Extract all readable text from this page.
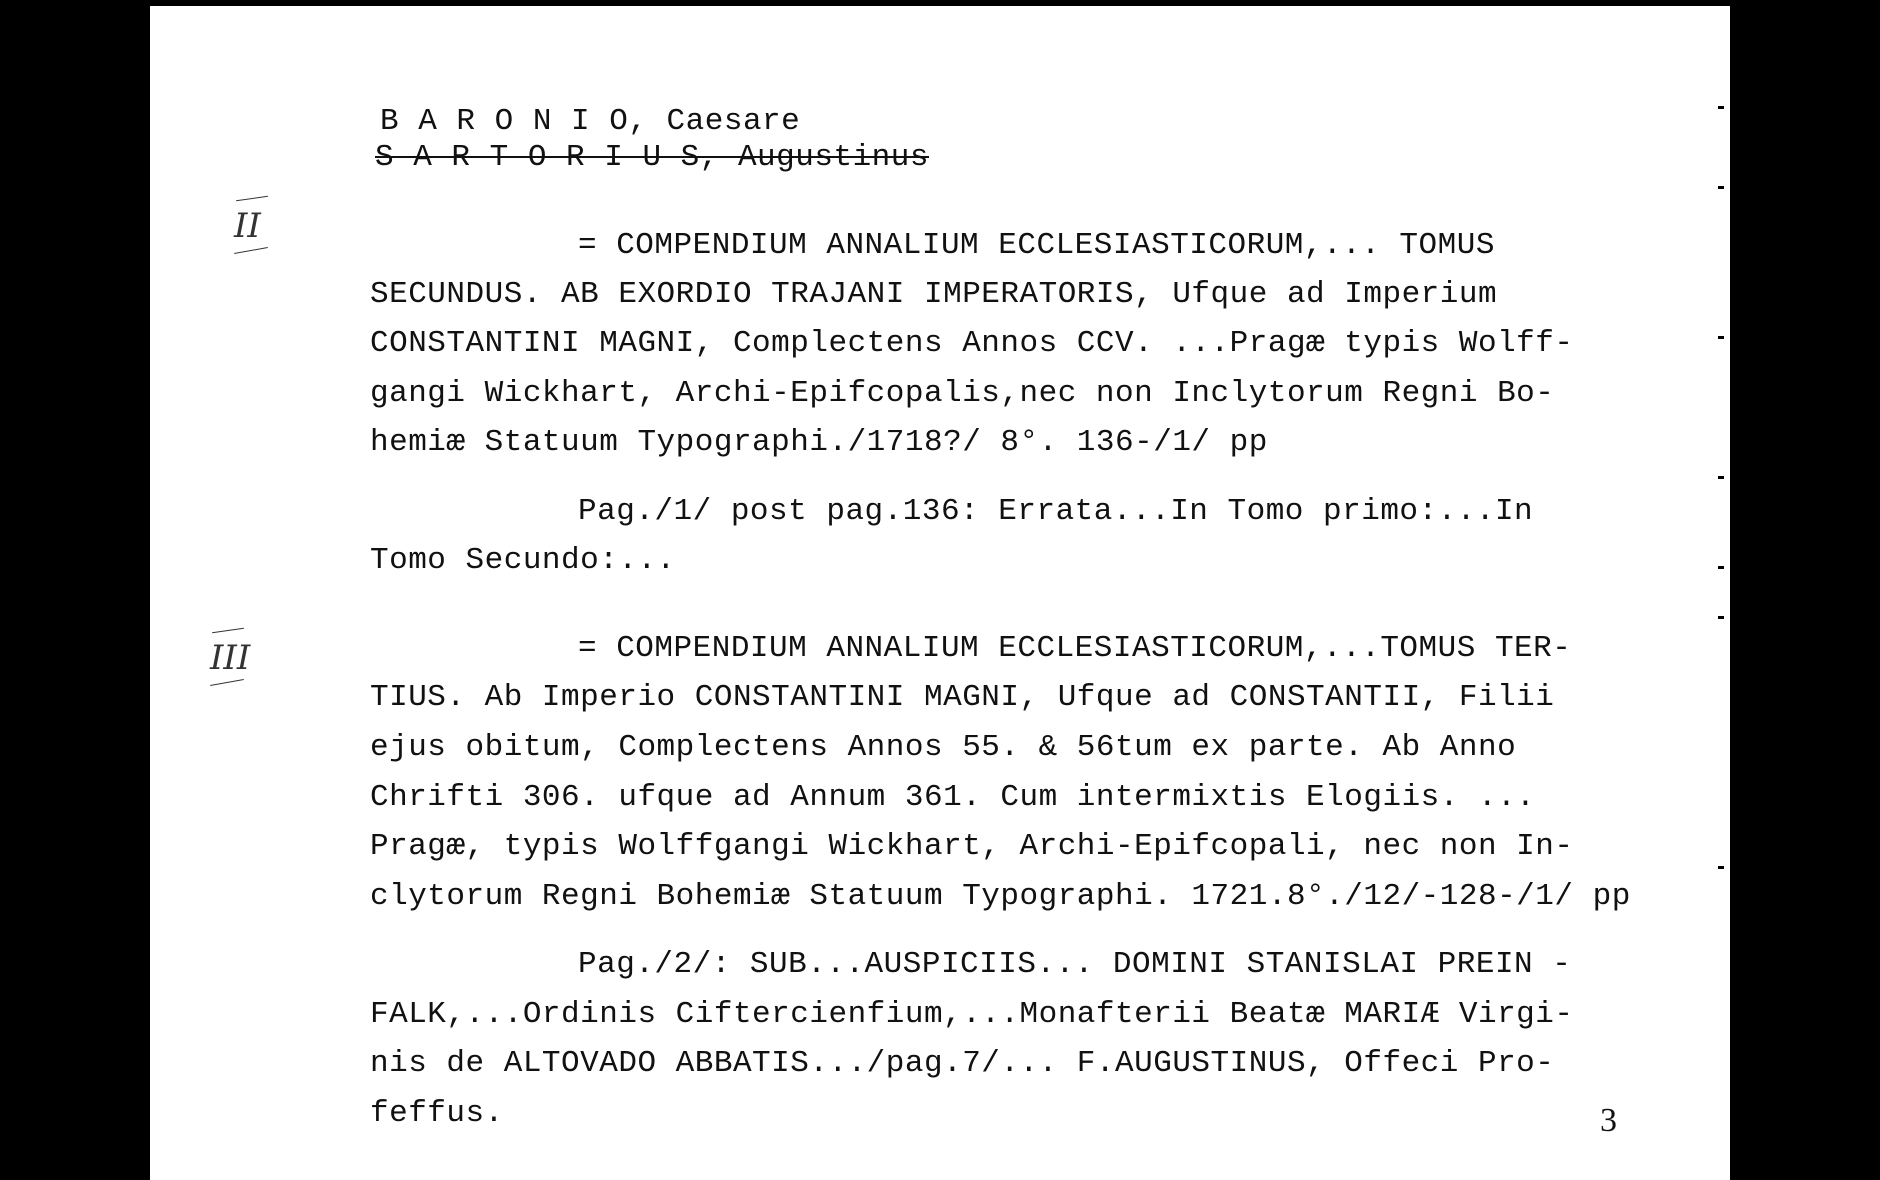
B A R O N I O, Caesare
S A R T O R I U S, Augustinus
II	= COMPENDIUM ANNALIUM ECCLESIASTICORUM,... TOMUS
SECUNDUS. AB EXORDIO TRAJANI IMPERATORIS, Ufque ad Imperium
CONSTANTINI MAGNI, Complectens Annos CCV. ...Pragæ typis Wolff-
gangi Wickhart, Archi-Epifcopalis,nec non Inclytorum Regni Bo-
hemiæ Statuum Typographi./1718?/ 8°. 136-/1/ pp
Pag./1/ post pag.136: Errata...In Tomo primo:...In
Tomo Secundo:...
III	= COMPENDIUM ANNALIUM ECCLESIASTICORUM,...TOMUS TER-
TIUS. Ab Imperio CONSTANTINI MAGNI, Ufque ad CONSTANTII, Filii
ejus obitum, Complectens Annos 55. & 56tum ex parte. Ab Anno
Chrifti 306. ufque ad Annum 361. Cum intermixtis Elogiis. ...
Pragæ, typis Wolffgangi Wickhart, Archi-Epifcopali, nec non In-
clytorum Regni Bohemiæ Statuum Typographi. 1721.8°./12/-128-/1/ pp
Pag./2/: SUB...AUSPICIIS... DOMINI STANISLAI PREIN -
FALK,...Ordinis Ciftercienfium,...Monafterii Beatæ MARIÆ Virgi-
nis de ALTOVADO ABBATIS.../pag.7/... F.AUGUSTINUS, Offeci Pro-
feffus.	3
